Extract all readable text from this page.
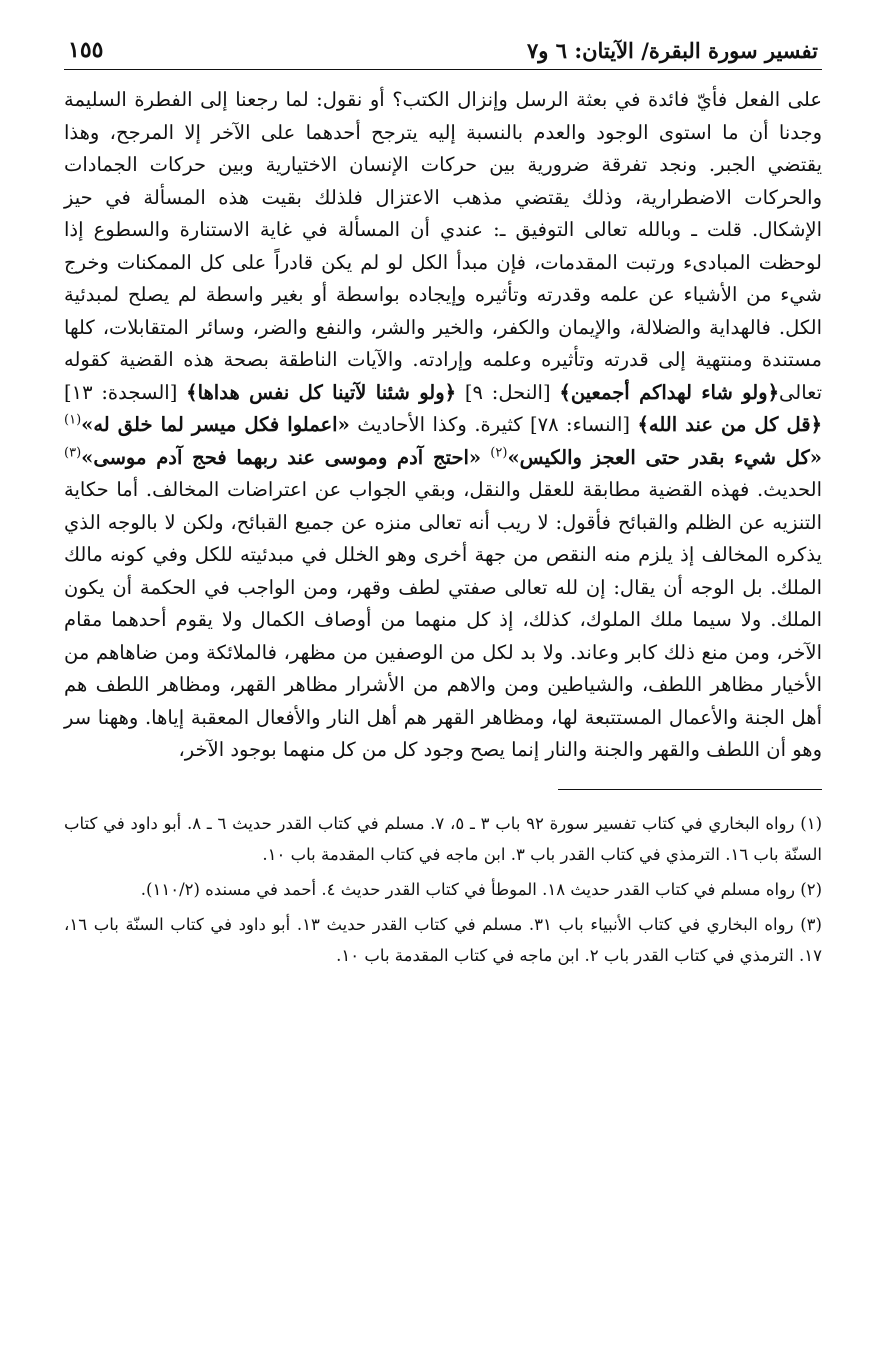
تفسير سورة البقرة/ الآيتان: ٦ و٧
١٥٥

على الفعل فأيّ فائدة في بعثة الرسل وإنزال الكتب؟ أو نقول: لما رجعنا إلى الفطرة السليمة وجدنا أن ما استوى الوجود والعدم بالنسبة إليه يترجح أحدهما على الآخر إلا المرجح، وهذا يقتضي الجبر. ونجد تفرقة ضرورية بين حركات الإنسان الاختيارية وبين حركات الجمادات والحركات الاضطرارية، وذلك يقتضي مذهب الاعتزال فلذلك بقيت هذه المسألة في حيز الإشكال. قلت ـ وبالله تعالى التوفيق ـ: عندي أن المسألة في غاية الاستنارة والسطوع إذا لوحظت المبادىء ورتبت المقدمات، فإن مبدأ الكل لو لم يكن قادراً على كل الممكنات وخرج شيء من الأشياء عن علمه وقدرته وتأثيره وإيجاده بواسطة أو بغير واسطة لم يصلح لمبدئية الكل. فالهداية والضلالة، والإيمان والكفر، والخير والشر، والنفع والضر، وسائر المتقابلات، كلها مستندة ومنتهية إلى قدرته وتأثيره وعلمه وإرادته. والآيات الناطقة بصحة هذه القضية كقوله تعالى﴿ولو شاء لهداكم أجمعين﴾ [النحل: ٩] ﴿ولو شئنا لآتينا كل نفس هداها﴾ [السجدة: ١٣] ﴿قل كل من عند الله﴾ [النساء: ٧٨] كثيرة. وكذا الأحاديث «اعملوا فكل ميسر لما خلق له»$^{(١)}$ «كل شيء بقدر حتى العجز والكيس»$^{(٢)}$ «احتج آدم وموسى عند ربهما فحج آدم موسى»$^{(٣)}$ الحديث. فهذه القضية مطابقة للعقل والنقل، وبقي الجواب عن اعتراضات المخالف. أما حكاية التنزيه عن الظلم والقبائح فأقول: لا ريب أنه تعالى منزه عن جميع القبائح، ولكن لا بالوجه الذي يذكره المخالف إذ يلزم منه النقص من جهة أخرى وهو الخلل في مبدئيته للكل وفي كونه مالك الملك. بل الوجه أن يقال: إن لله تعالى صفتي لطف وقهر، ومن الواجب في الحكمة أن يكون الملك. ولا سيما ملك الملوك، كذلك، إذ كل منهما من أوصاف الكمال ولا يقوم أحدهما مقام الآخر، ومن منع ذلك كابر وعاند. ولا بد لكل من الوصفين من مظهر، فالملائكة ومن ضاهاهم من الأخيار مظاهر اللطف، والشياطين ومن والاهم من الأشرار مظاهر القهر، ومظاهر اللطف هم أهل الجنة والأعمال المستتبعة لها، ومظاهر القهر هم أهل النار والأفعال المعقبة إياها. وههنا سر وهو أن اللطف والقهر والجنة والنار إنما يصح وجود كل من كل منهما بوجود الآخر،

(١) رواه البخاري في كتاب تفسير سورة ٩٢ باب ٣ ـ ٥، ٧. مسلم في كتاب القدر حديث ٦ ـ ٨. أبو داود في كتاب السنّة باب ١٦. الترمذي في كتاب القدر باب ٣. ابن ماجه في كتاب المقدمة باب ١٠.

(٢) رواه مسلم في كتاب القدر حديث ١٨. الموطأ في كتاب القدر حديث ٤. أحمد في مسنده (١١٠/٢).

(٣) رواه البخاري في كتاب الأنبياء باب ٣١. مسلم في كتاب القدر حديث ١٣. أبو داود في كتاب السنّة باب ١٦، ١٧. الترمذي في كتاب القدر باب ٢. ابن ماجه في كتاب المقدمة باب ١٠.
